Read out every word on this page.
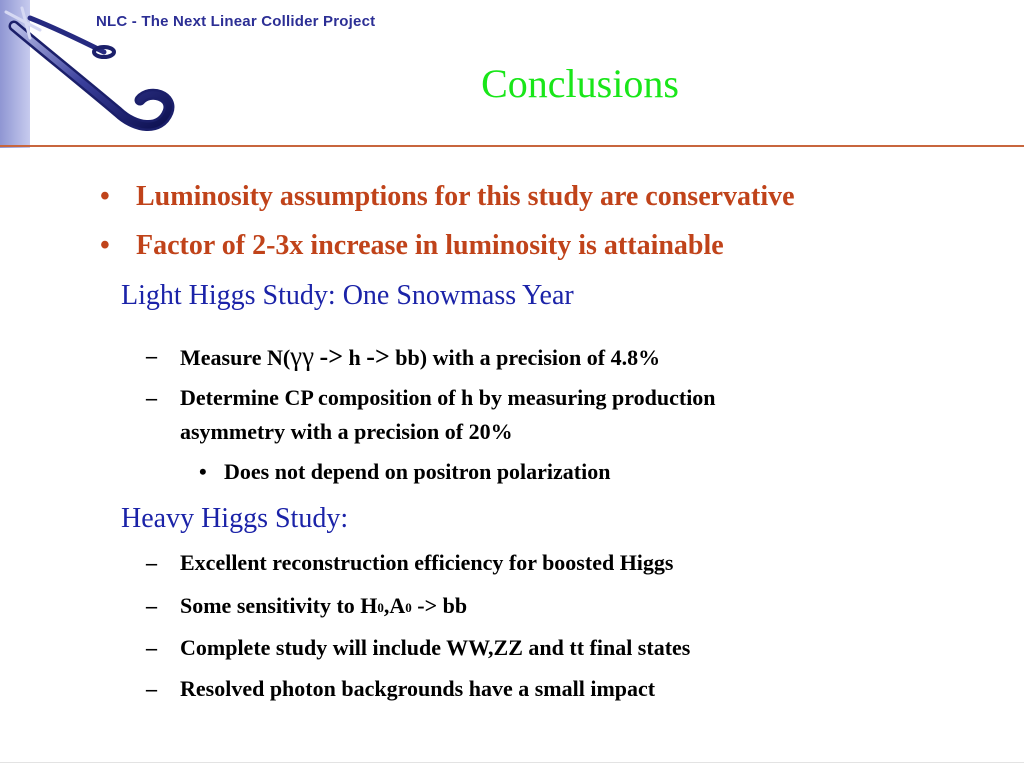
NLC - The Next Linear Collider Project
Conclusions
• Luminosity assumptions for this study are conservative
• Factor of 2-3x increase in luminosity is attainable
Light Higgs Study: One Snowmass Year
– Measure N(γγ -> h -> bb) with a precision of 4.8%
– Determine CP composition of h by measuring production
asymmetry with a precision of 20%
• Does not depend on positron polarization
Heavy Higgs Study:
– Excellent reconstruction efficiency for boosted Higgs
– Some sensitivity to $H^0,A^0$ -> bb
– Complete study will include WW,ZZ and tt final states
– Resolved photon backgrounds have a small impact
